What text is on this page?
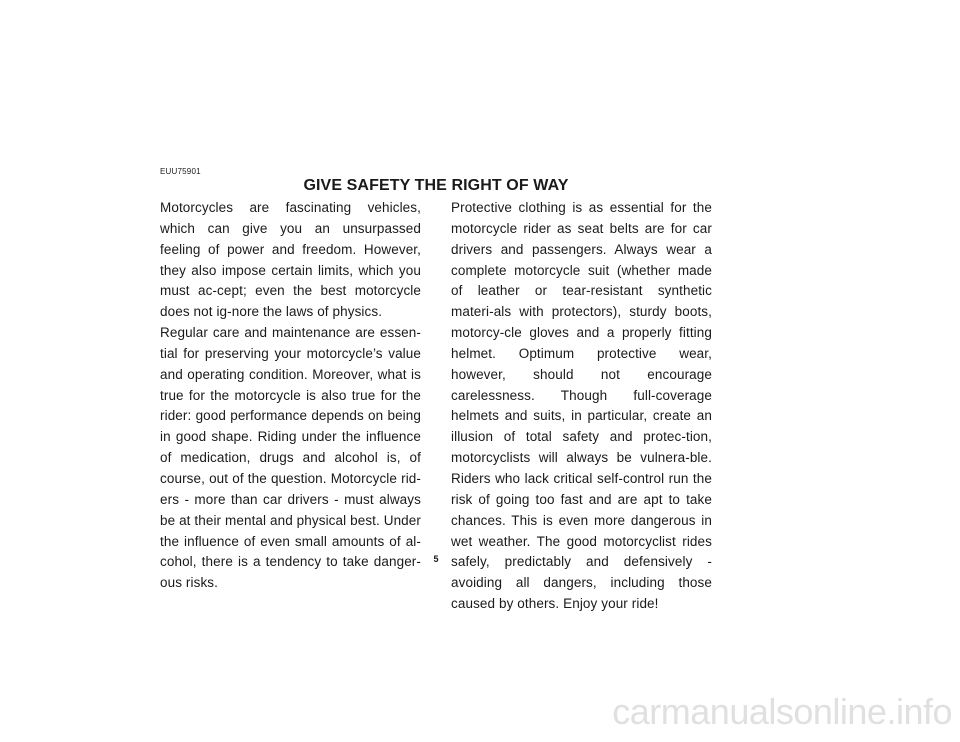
EUU75901
GIVE SAFETY THE RIGHT OF WAY

Motorcycles are fascinating vehicles, which can give you an unsurpassed feeling of power and freedom. However, they also impose certain limits, which you must ac-cept; even the best motorcycle does not ig-nore the laws of physics.

Regular care and maintenance are essen-tial for preserving your motorcycle’s value and operating condition. Moreover, what is true for the motorcycle is also true for the rider: good performance depends on being in good shape. Riding under the influence of medication, drugs and alcohol is, of course, out of the question. Motorcycle rid-ers - more than car drivers - must always be at their mental and physical best. Under the influence of even small amounts of al-cohol, there is a tendency to take danger-ous risks.

Protective clothing is as essential for the motorcycle rider as seat belts are for car drivers and passengers. Always wear a complete motorcycle suit (whether made of leather or tear-resistant synthetic materi-als with protectors), sturdy boots, motorcy-cle gloves and a properly fitting helmet. Optimum protective wear, however, should not encourage carelessness. Though full-coverage helmets and suits, in particular, create an illusion of total safety and protec-tion, motorcyclists will always be vulnera-ble. Riders who lack critical self-control run the risk of going too fast and are apt to take chances. This is even more dangerous in wet weather. The good motorcyclist rides safely, predictably and defensively - avoiding all dangers, including those caused by others. Enjoy your ride!

5
carmanualsonline.info
